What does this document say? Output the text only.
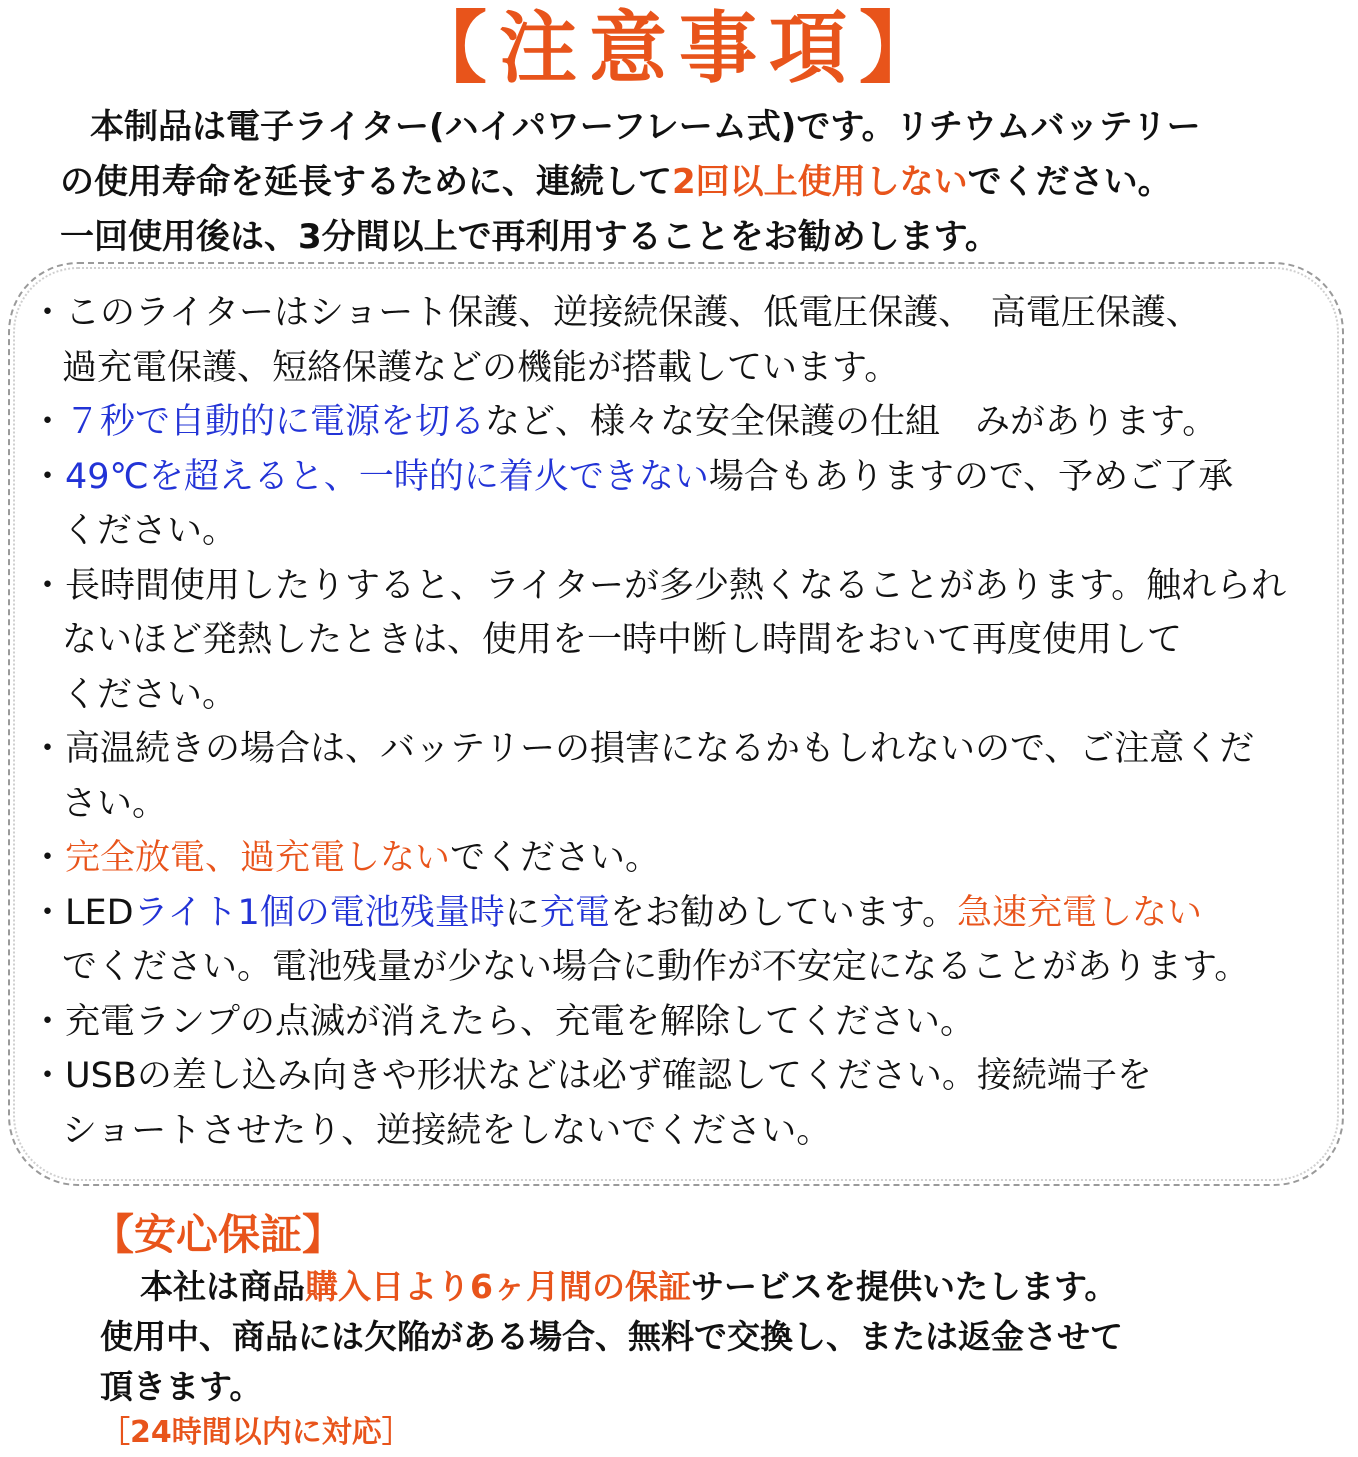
【注意事項】
本制品は電子ライター(ハイパワーフレーム式)です。リチウムバッテリー
の使用寿命を延長するために、連続して2回以上使用しないでください。
一回使用後は、3分間以上で再利用することをお勧めします。
・このライターはショート保護、逆接続保護、低電圧保護、　高電圧保護、
過充電保護、短絡保護などの機能が搭載しています。
・７秒で自動的に電源を切るなど、様々な安全保護の仕組　みがあります。
・49℃を超えると、一時的に着火できない場合もありますので、予めご了承
ください。
・長時間使用したりすると、ライターが多少熱くなることがあります。触れられ
ないほど発熱したときは、使用を一時中断し時間をおいて再度使用して
ください。
・高温続きの場合は、バッテリーの損害になるかもしれないので、ご注意くだ
さい。
・完全放電、過充電しないでください。
・LEDライト1個の電池残量時に充電をお勧めしています。急速充電しない
でください。電池残量が少ない場合に動作が不安定になることがあります。
・充電ランプの点滅が消えたら、充電を解除してください。
・USBの差し込み向きや形状などは必ず確認してください。接続端子を
ショートさせたり、逆接続をしないでください。
【安心保証】
本社は商品購入日より6ヶ月間の保証サービスを提供いたします。
使用中、商品には欠陥がある場合、無料で交換し、または返金させて
頂きます。
［24時間以内に対応］
